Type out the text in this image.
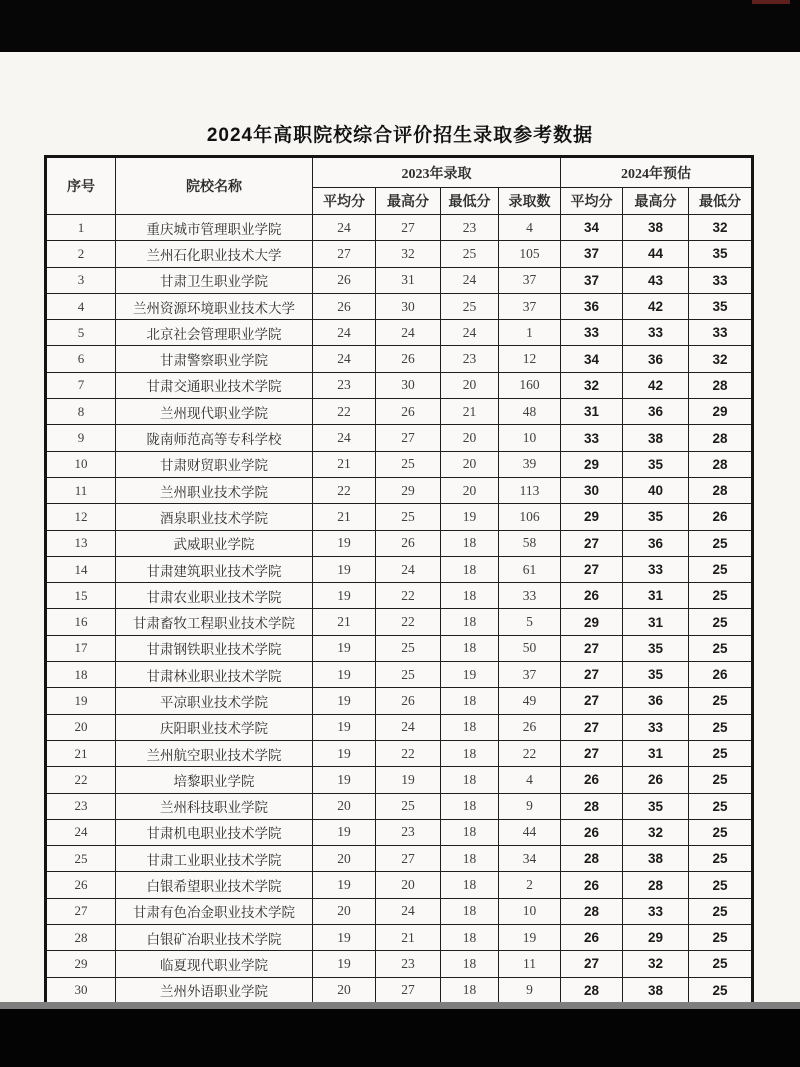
2024年高职院校综合评价招生录取参考数据
序号	院校名称	2023年录取				2024年预估		
		平均分	最高分	最低分	录取数	平均分	最高分	最低分
1	重庆城市管理职业学院	24	27	23	4	34	38	32
2	兰州石化职业技术大学	27	32	25	105	37	44	35
3	甘肃卫生职业学院	26	31	24	37	37	43	33
4	兰州资源环境职业技术大学	26	30	25	37	36	42	35
5	北京社会管理职业学院	24	24	24	1	33	33	33
6	甘肃警察职业学院	24	26	23	12	34	36	32
7	甘肃交通职业技术学院	23	30	20	160	32	42	28
8	兰州现代职业学院	22	26	21	48	31	36	29
9	陇南师范高等专科学校	24	27	20	10	33	38	28
10	甘肃财贸职业学院	21	25	20	39	29	35	28
11	兰州职业技术学院	22	29	20	113	30	40	28
12	酒泉职业技术学院	21	25	19	106	29	35	26
13	武威职业学院	19	26	18	58	27	36	25
14	甘肃建筑职业技术学院	19	24	18	61	27	33	25
15	甘肃农业职业技术学院	19	22	18	33	26	31	25
16	甘肃畜牧工程职业技术学院	21	22	18	5	29	31	25
17	甘肃钢铁职业技术学院	19	25	18	50	27	35	25
18	甘肃林业职业技术学院	19	25	19	37	27	35	26
19	平凉职业技术学院	19	26	18	49	27	36	25
20	庆阳职业技术学院	19	24	18	26	27	33	25
21	兰州航空职业技术学院	19	22	18	22	27	31	25
22	培黎职业学院	19	19	18	4	26	26	25
23	兰州科技职业学院	20	25	18	9	28	35	25
24	甘肃机电职业技术学院	19	23	18	44	26	32	25
25	甘肃工业职业技术学院	20	27	18	34	28	38	25
26	白银希望职业技术学院	19	20	18	2	26	28	25
27	甘肃有色冶金职业技术学院	20	24	18	10	28	33	25
28	白银矿冶职业技术学院	19	21	18	19	26	29	25
29	临夏现代职业学院	19	23	18	11	27	32	25
30	兰州外语职业学院	20	27	18	9	28	38	25
